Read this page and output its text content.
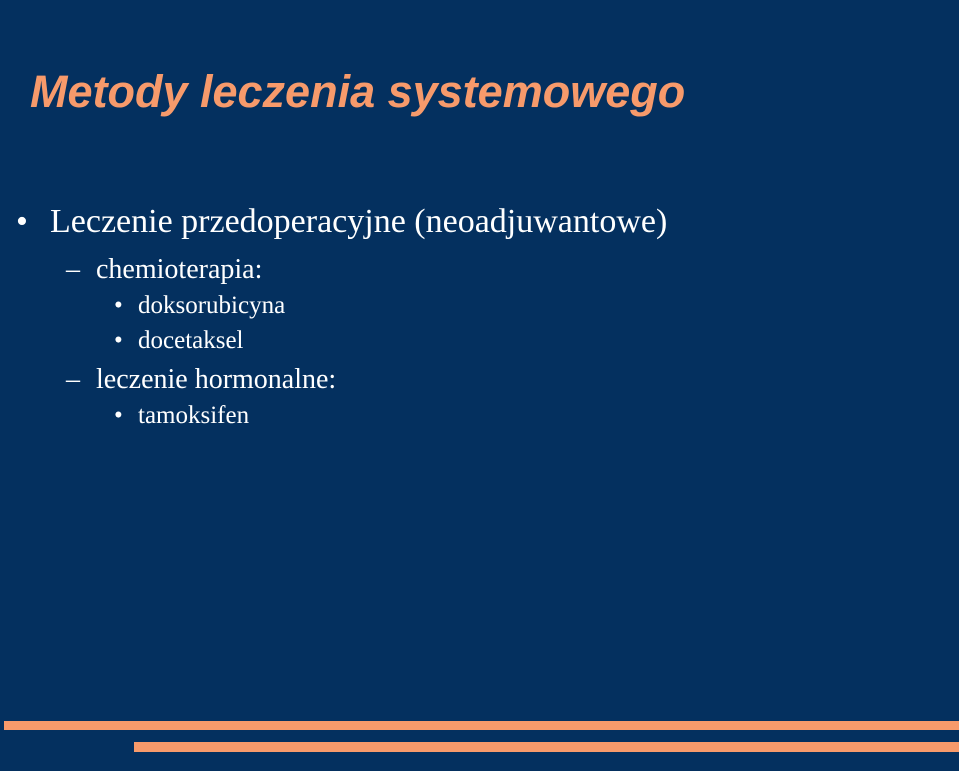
Metody leczenia systemowego
• Leczenie przedoperacyjne (neoadjuwantowe)
– chemioterapia:
• doksorubicyna
• docetaksel
– leczenie hormonalne:
• tamoksifen
